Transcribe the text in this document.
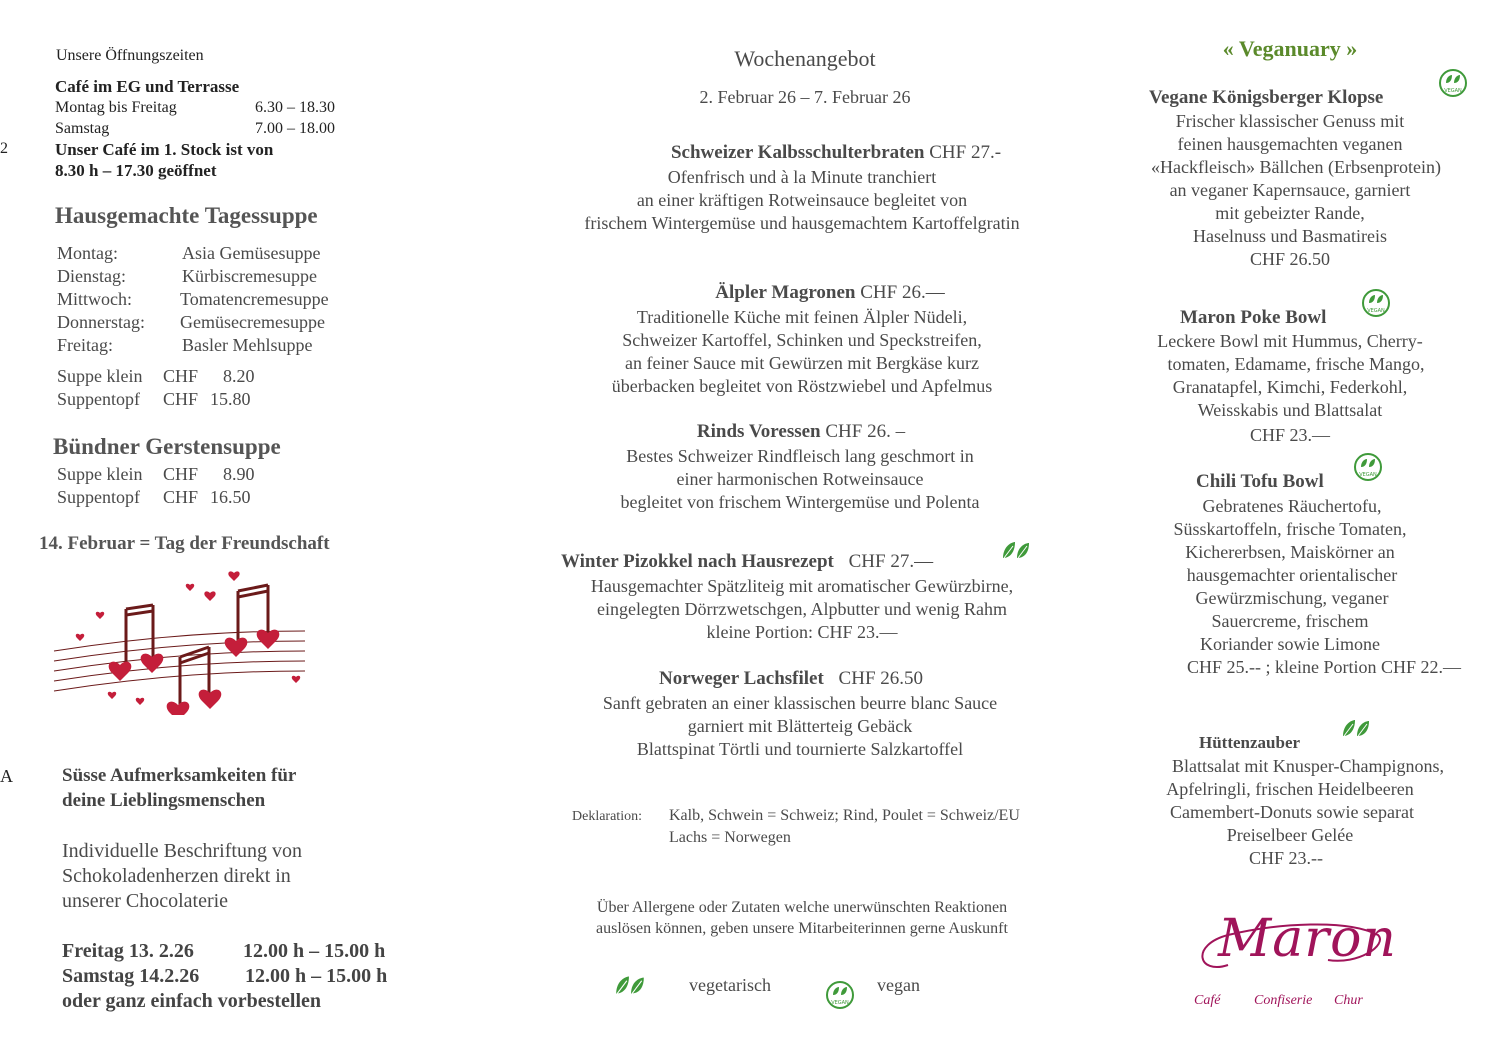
Unsere Öffnungszeiten
Café im EG und Terrasse
Montag bis Freitag	6.30 – 18.30
Samstag	7.00 – 18.00
2	Unser Café im 1. Stock ist von
8.30 h – 17.30 geöffnet
Hausgemachte Tagessuppe
Montag:	Asia Gemüsesuppe
Dienstag:	Kürbiscremesuppe
Mittwoch:	Tomatencremesuppe
Donnerstag: Gemüsecremesuppe
Freitag:	Basler Mehlsuppe
Suppe klein CHF 8.20
Suppentopf CHF 15.80
Bündner Gerstensuppe
Suppe klein CHF 8.90
Suppentopf CHF 16.50
14. Februar = Tag der Freundschaft
A	Süsse Aufmerksamkeiten für
deine Lieblingsmenschen
Individuelle Beschriftung von
Schokoladenherzen direkt in
unserer Chocolaterie
Freitag 13. 2.26 12.00 h – 15.00 h
Samstag 14.2.26 12.00 h – 15.00 h
oder ganz einfach vorbestellen
Wochenangebot
2. Februar 26 – 7. Februar 26
Schweizer Kalbsschulterbraten CHF 27.-
Ofenfrisch und à la Minute tranchiert
an einer kräftigen Rotweinsauce begleitet von
frischem Wintergemüse und hausgemachtem Kartoffelgratin
Älpler Magronen CHF 26.—
Traditionelle Küche mit feinen Älpler Nüdeli,
Schweizer Kartoffel, Schinken und Speckstreifen,
an feiner Sauce mit Gewürzen mit Bergkäse kurz
überbacken begleitet von Röstzwiebel und Apfelmus
Rinds Voressen CHF 26. –
Bestes Schweizer Rindfleisch lang geschmort in
einer harmonischen Rotweinsauce
begleitet von frischem Wintergemüse und Polenta
Winter Pizokkel nach Hausrezept CHF 27.—
Hausgemachter Spätzliteig mit aromatischer Gewürzbirne,
eingelegten Dörrzwetschgen, Alpbutter und wenig Rahm
kleine Portion: CHF 23.—
Norweger Lachsfilet CHF 26.50
Sanft gebraten an einer klassischen beurre blanc Sauce
garniert mit Blätterteig Gebäck
Blattspinat Törtli und tournierte Salzkartoffel
Deklaration: Kalb, Schwein = Schweiz; Rind, Poulet = Schweiz/EU
Lachs = Norwegen
Über Allergene oder Zutaten welche unerwünschten Reaktionen
auslösen können, geben unsere Mitarbeiterinnen gerne Auskunft
vegetarisch
VEGAN
vegan
« Veganuary »
Vegane Königsberger Klopse	VEGAN
Frischer klassischer Genuss mit
feinen hausgemachten veganen
«Hackfleisch» Bällchen (Erbsenprotein)
an veganer Kapernsauce, garniert
mit gebeizter Rande,
Haselnuss und Basmatireis
CHF 26.50
Maron Poke Bowl	VEGAN
Leckere Bowl mit Hummus, Cherry-
tomaten, Edamame, frische Mango,
Granatapfel, Kimchi, Federkohl,
Weisskabis und Blattsalat
CHF 23.—
Chili Tofu Bowl	VEGAN
Gebratenes Räuchertofu,
Süsskartoffeln, frische Tomaten,
Kichererbsen, Maiskörner an
hausgemachter orientalischer
Gewürzmischung, veganer
Sauercreme, frischem
Koriander sowie Limone
CHF 25.-- ; kleine Portion CHF 22.—
Hüttenzauber
Blattsalat mit Knusper-Champignons,
Apfelringli, frischen Heidelbeeren
Camembert-Donuts sowie separat
Preiselbeer Gelée
CHF 23.--
Maron
Café Confiserie Chur
